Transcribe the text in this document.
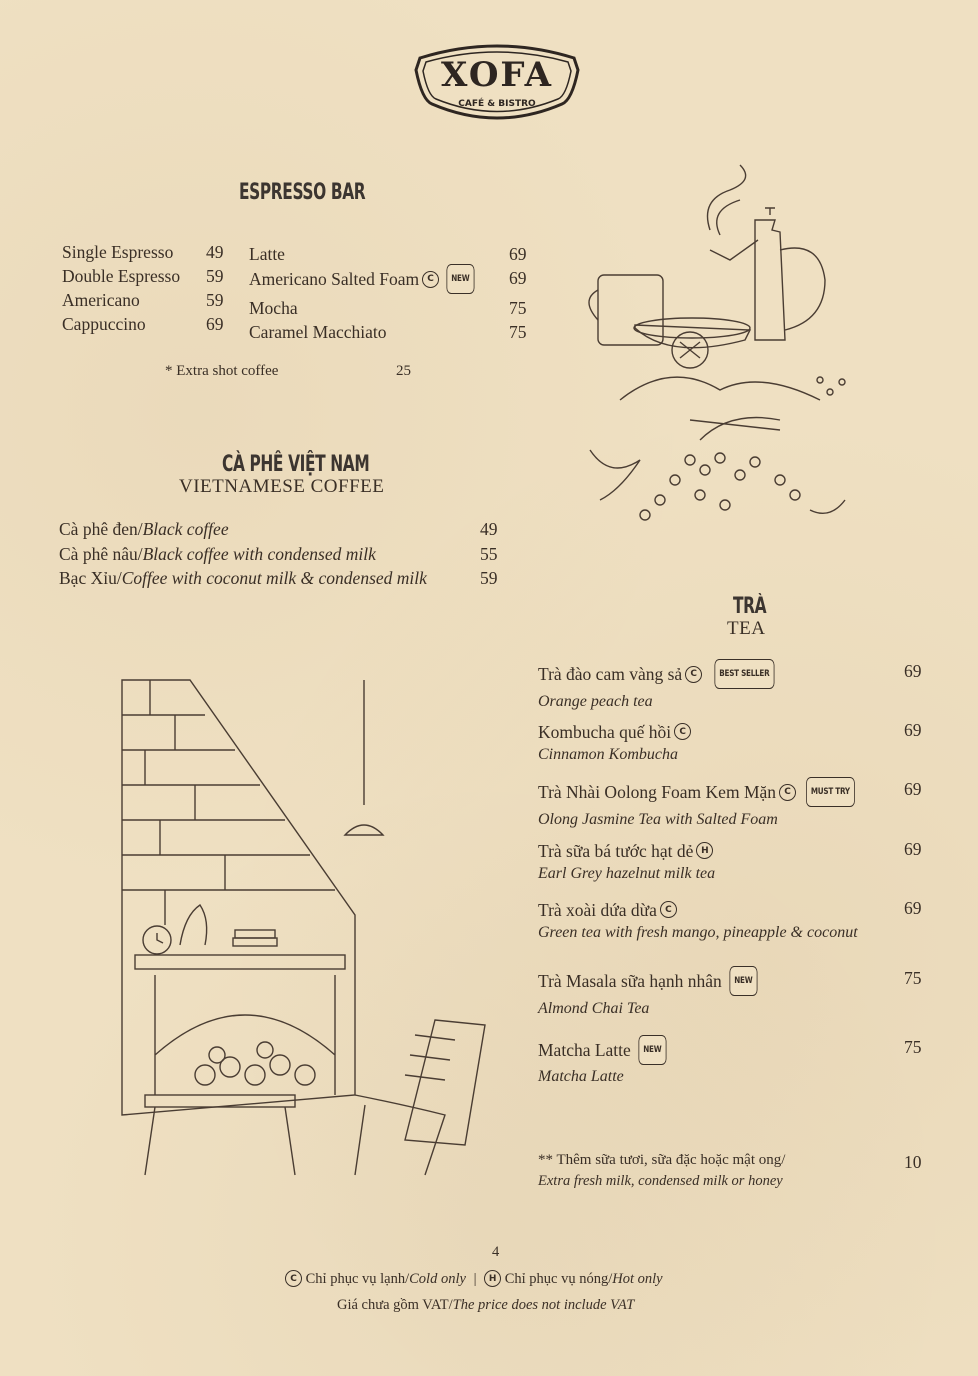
XOFA
CAFÉ & BISTRO
ESPRESSO BAR
Single Espresso 49
Double Espresso 59
Americano	59
Cappuccino	69
Latte	69
Americano Salted Foam C NEW 69
Mocha	75
Caramel Macchiato	75
* Extra shot coffee	25
CÀ PHÊ VIỆT NAM
VIETNAMESE COFFEE
Cà phê đen/Black coffee	49
Cà phê nâu/Black coffee with condensed milk	55
Bạc Xỉu/Coffee with coconut milk & condensed milk	59
TRÀ
TEA
Trà đào cam vàng sả C BEST SELLER
Orange peach tea
69
Kombucha quế hồi C
Cinnamon Kombucha
69
Trà Nhài Oolong Foam Kem Mặn C MUST TRY
Olong Jasmine Tea with Salted Foam
69
Trà sữa bá tước hạt dẻ H
Earl Grey hazelnut milk tea
69
Trà xoài dứa dừa C
Green tea with fresh mango, pineapple & coconut
69
Trà Masala sữa hạnh nhân NEW
Almond Chai Tea
75
Matcha Latte NEW
Matcha Latte
75
** Thêm sữa tươi, sữa đặc hoặc mật ong/
Extra fresh milk, condensed milk or honey
10
4
C Chỉ phục vụ lạnh/Cold only | H Chỉ phục vụ nóng/Hot only
Giá chưa gồm VAT/The price does not include VAT
